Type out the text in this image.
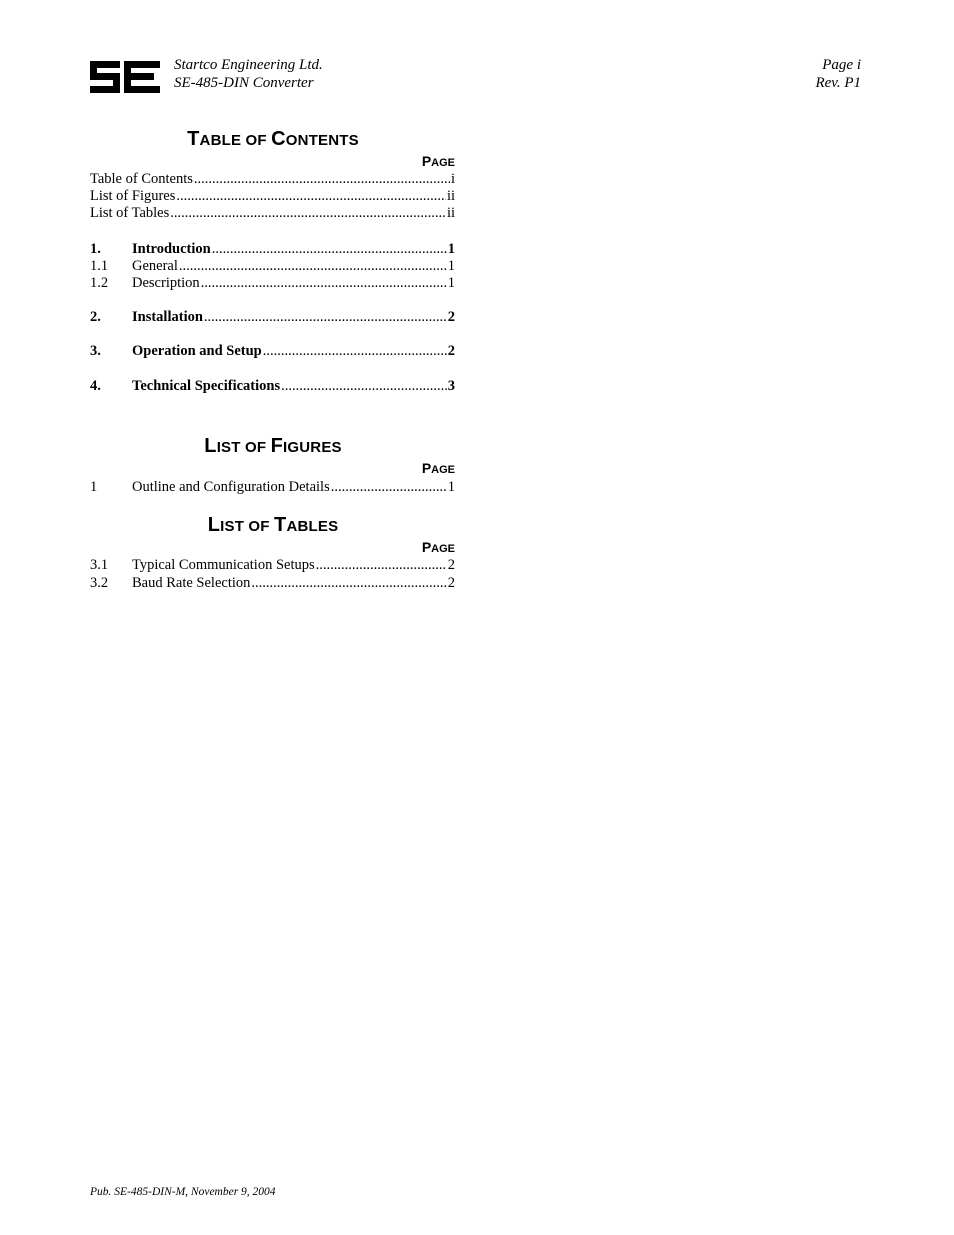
Startco Engineering Ltd.
SE-485-DIN Converter
Page i
Rev. P1
TABLE OF CONTENTS
PAGE
Table of Contents .....	i
List of Figures .....	ii
List of Tables .....	ii
1.	Introduction .....	1
1.1	General .....	1
1.2	Description .....	1
2.	Installation .....	2
3.	Operation and Setup .....	2
4.	Technical Specifications .....	3
LIST OF FIGURES
PAGE
1	Outline and Configuration Details .....	1
LIST OF TABLES
PAGE
3.1	Typical Communication Setups .....	2
3.2	Baud Rate Selection .....	2
Pub. SE-485-DIN-M, November 9, 2004
